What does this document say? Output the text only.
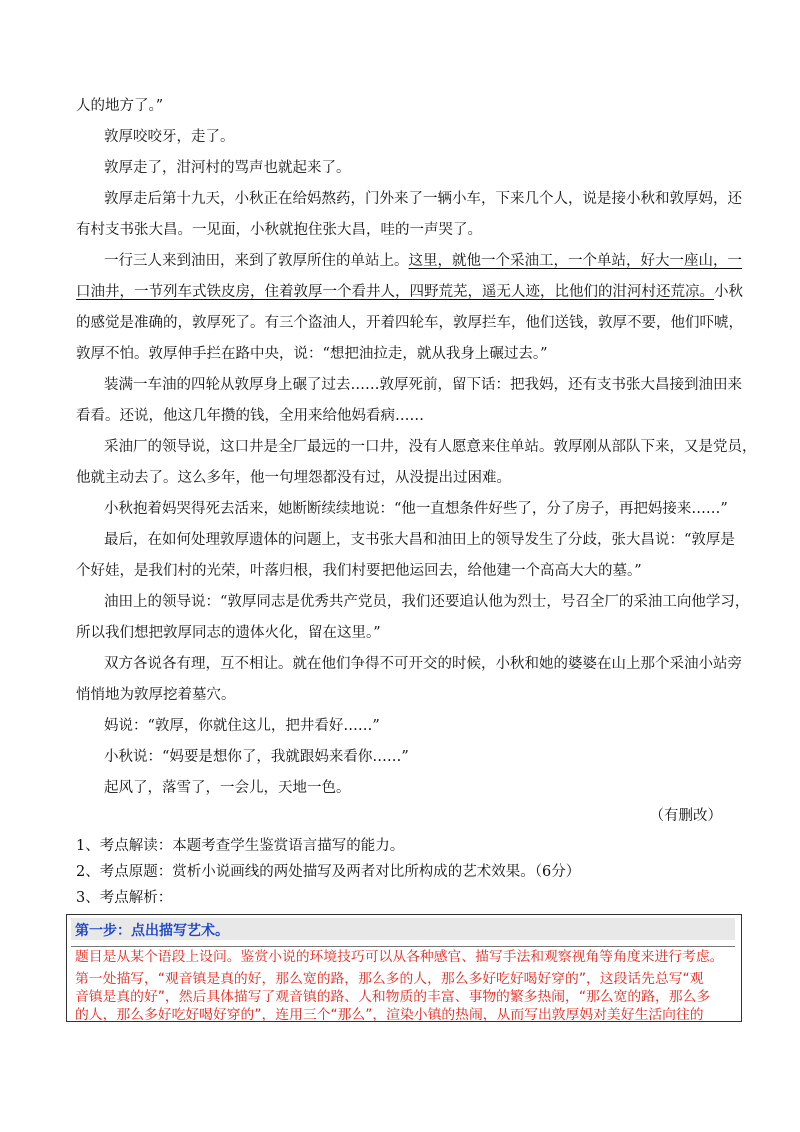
人的地方了。”
敦厚咬咬牙，走了。
敦厚走了，泔河村的骂声也就起来了。
敦厚走后第十九天，小秋正在给妈熬药，门外来了一辆小车，下来几个人，说是接小秋和敦厚妈，还
有村支书张大昌。一见面，小秋就抱住张大昌，哇的一声哭了。
一行三人来到油田，来到了敦厚所住的单站上。这里，就他一个采油工，一个单站，好大一座山，一
口油井，一节列车式铁皮房，住着敦厚一个看井人，四野荒芜，遥无人迹，比他们的泔河村还荒凉。小秋
的感觉是准确的，敦厚死了。有三个盗油人，开着四轮车，敦厚拦车，他们送钱，敦厚不要，他们吓唬，
敦厚不怕。敦厚伸手拦在路中央，说：“想把油拉走，就从我身上碾过去。”
装满一车油的四轮从敦厚身上碾了过去……敦厚死前，留下话：把我妈，还有支书张大昌接到油田来
看看。还说，他这几年攒的钱，全用来给他妈看病……
采油厂的领导说，这口井是全厂最远的一口井，没有人愿意来住单站。敦厚刚从部队下来，又是党员，
他就主动去了。这么多年，他一句埋怨都没有过，从没提出过困难。
小秋抱着妈哭得死去活来，她断断续续地说：“他一直想条件好些了，分了房子，再把妈接来……”
最后，在如何处理敦厚遗体的问题上，支书张大昌和油田上的领导发生了分歧，张大昌说：“敦厚是
个好娃，是我们村的光荣，叶落归根，我们村要把他运回去，给他建一个高高大大的墓。”
油田上的领导说：“敦厚同志是优秀共产党员，我们还要追认他为烈士，号召全厂的采油工向他学习，
所以我们想把敦厚同志的遗体火化，留在这里。”
双方各说各有理，互不相让。就在他们争得不可开交的时候，小秋和她的婆婆在山上那个采油小站旁
悄悄地为敦厚挖着墓穴。
妈说：“敦厚，你就住这儿，把井看好……”
小秋说：“妈要是想你了，我就跟妈来看你……”
起风了，落雪了，一会儿，天地一色。
（有删改）
1、考点解读：本题考查学生鉴赏语言描写的能力。
2、考点原题：赏析小说画线的两处描写及两者对比所构成的艺术效果。（6分）
3、考点解析：
第一步：点出描写艺术。
题目是从某个语段上设问。鉴赏小说的环境技巧可以从各种感官、描写手法和观察视角等角度来进行考虑。
第一处描写，“观音镇是真的好，那么宽的路，那么多的人，那么多好吃好喝好穿的”，这段话先总写“观
音镇是真的好”，然后具体描写了观音镇的路、人和物质的丰富、事物的繁多热闹，“那么宽的路，那么多
的人，那么多好吃好喝好穿的”，连用三个“那么”，渲染小镇的热闹，从而写出敦厚妈对美好生活向往的
